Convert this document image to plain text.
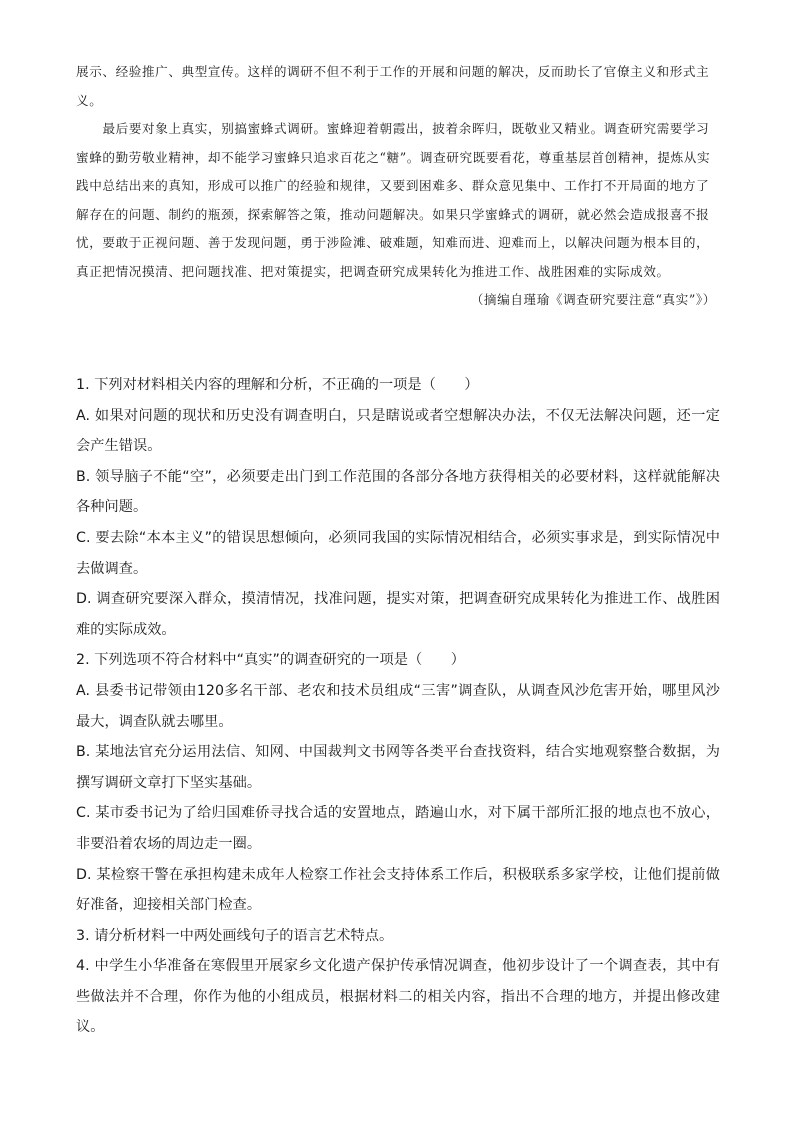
展示、经验推广、典型宣传。这样的调研不但不利于工作的开展和问题的解决，反而助长了官僚主义和形式主义。

最后要对象上真实，别搞蜜蜂式调研。蜜蜂迎着朝霞出，披着余晖归，既敬业又精业。调查研究需要学习蜜蜂的勤劳敬业精神，却不能学习蜜蜂只追求百花之“糖”。调查研究既要看花，尊重基层首创精神，提炼从实践中总结出来的真知，形成可以推广的经验和规律，又要到困难多、群众意见集中、工作打不开局面的地方了解存在的问题、制约的瓶颈，探索解答之策，推动问题解决。如果只学蜜蜂式的调研，就必然会造成报喜不报忧，要敢于正视问题、善于发现问题，勇于涉险滩、破难题，知难而进、迎难而上，以解决问题为根本目的，真正把情况摸清、把问题找准、把对策提实，把调查研究成果转化为推进工作、战胜困难的实际成效。

（摘编自瑾瑜《调查研究要注意“真实”》）

1. 下列对材料相关内容的理解和分析，不正确的一项是（　　）

A. 如果对问题的现状和历史没有调查明白，只是瞎说或者空想解决办法，不仅无法解决问题，还一定会产生错误。

B. 领导脑子不能“空”，必须要走出门到工作范围的各部分各地方获得相关的必要材料，这样就能解决各种问题。

C. 要去除“本本主义”的错误思想倾向，必须同我国的实际情况相结合，必须实事求是，到实际情况中去做调查。

D. 调查研究要深入群众，摸清情况，找准问题，提实对策，把调查研究成果转化为推进工作、战胜困难的实际成效。

2. 下列选项不符合材料中“真实”的调查研究的一项是（　　）

A. 县委书记带领由120多名干部、老农和技术员组成“三害”调查队，从调查风沙危害开始，哪里风沙最大，调查队就去哪里。

B. 某地法官充分运用法信、知网、中国裁判文书网等各类平台查找资料，结合实地观察整合数据，为撰写调研文章打下坚实基础。

C. 某市委书记为了给归国难侨寻找合适的安置地点，踏遍山水，对下属干部所汇报的地点也不放心，非要沿着农场的周边走一圈。

D. 某检察干警在承担构建未成年人检察工作社会支持体系工作后，积极联系多家学校，让他们提前做好准备，迎接相关部门检查。

3. 请分析材料一中两处画线句子的语言艺术特点。

4. 中学生小华准备在寒假里开展家乡文化遗产保护传承情况调查，他初步设计了一个调查表，其中有些做法并不合理，你作为他的小组成员，根据材料二的相关内容，指出不合理的地方，并提出修改建议。
